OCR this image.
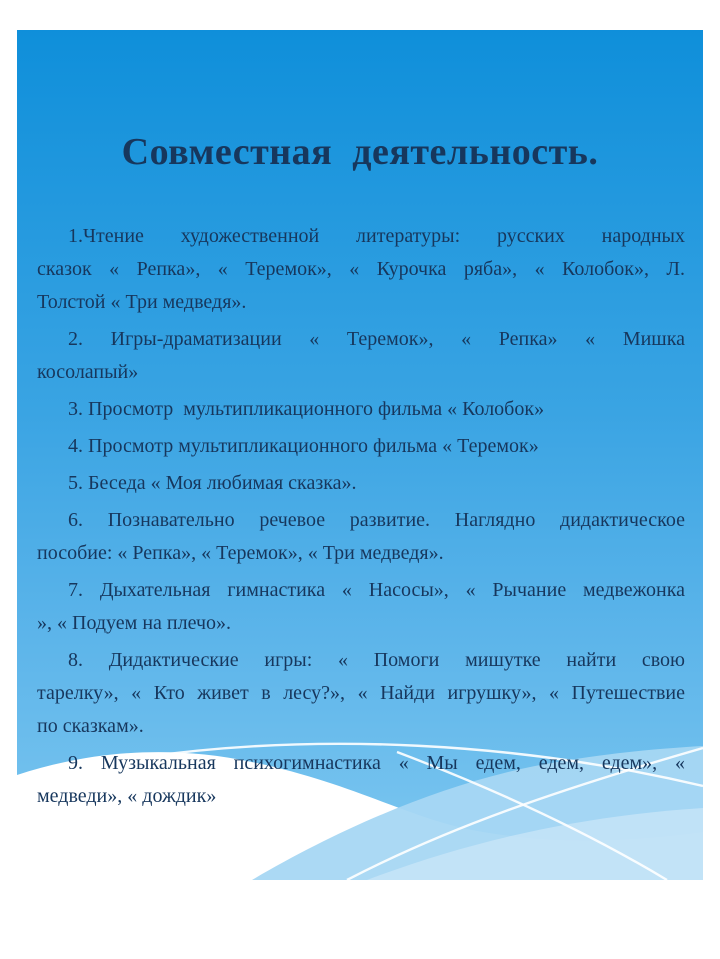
Совместная деятельность.
1.Чтение художественной литературы: русских народных
сказок « Репка», « Теремок», « Курочка ряба», « Колобок», Л.
Толстой « Три медведя».
2. Игры-драматизации « Теремок», « Репка» « Мишка
косолапый»
3. Просмотр  мультипликационного фильма « Колобок»
4. Просмотр мультипликационного фильма « Теремок»
5. Беседа « Моя любимая сказка».
6. Познавательно речевое развитие. Наглядно дидактическое
пособие: « Репка», « Теремок», « Три медведя».
7. Дыхательная гимнастика « Насосы», « Рычание медвежонка
», « Подуем на плечо».
8. Дидактические игры: « Помоги мишутке найти свою
тарелку», « Кто живет в лесу?», « Найди игрушку», « Путешествие
по сказкам».
9. Музыкальная психогимнастика « Мы едем, едем, едем», «
медведи», « дождик»
